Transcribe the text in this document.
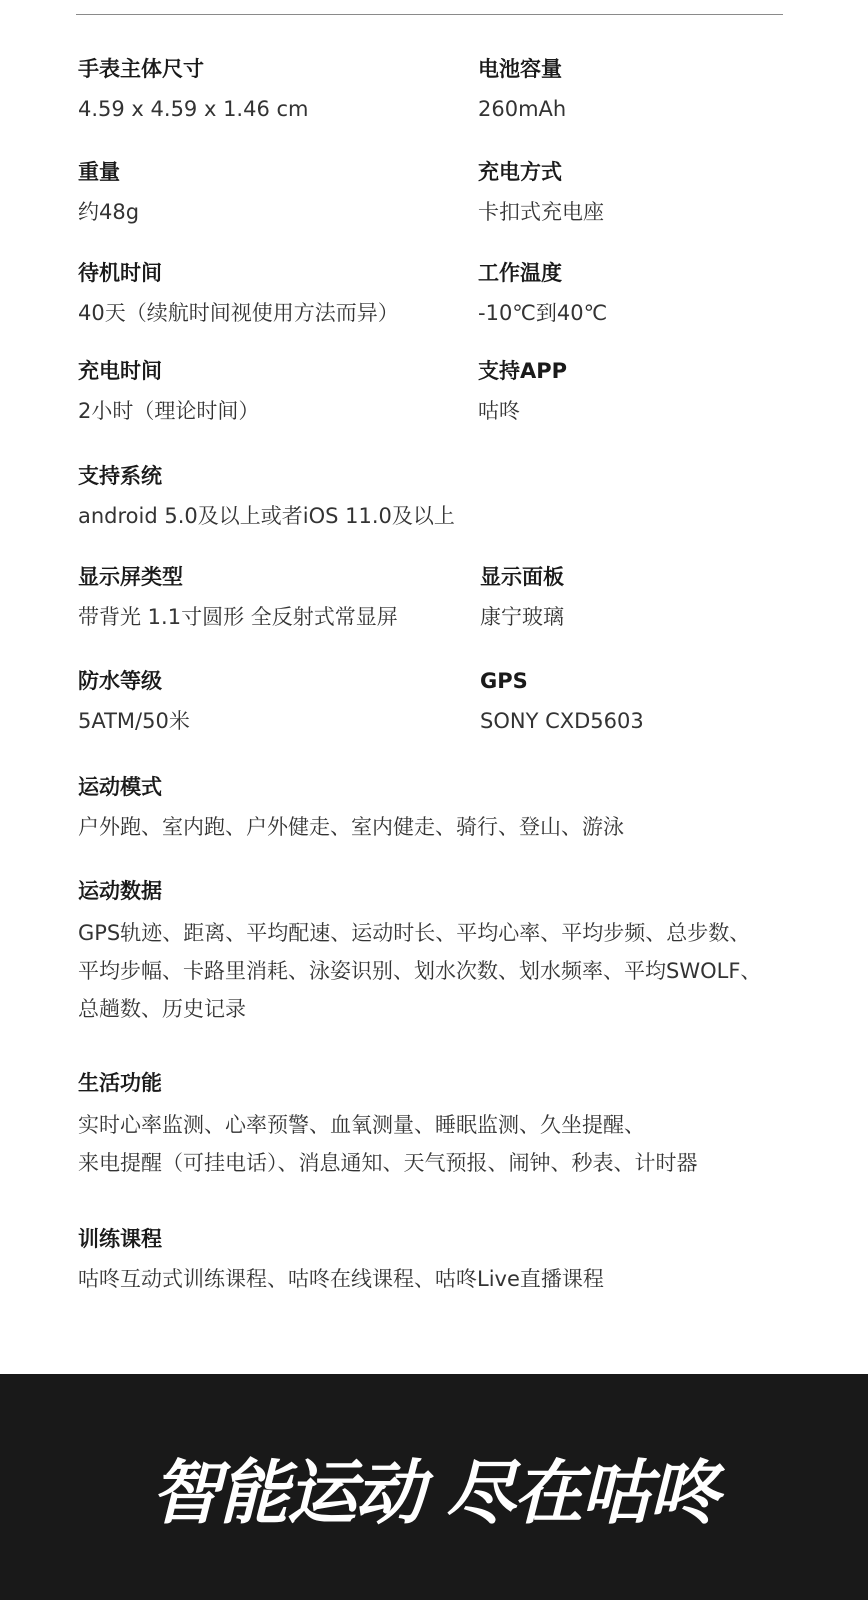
手表主体尺寸
4.59 x 4.59 x 1.46 cm
电池容量
260mAh
重量
约48g
充电方式
卡扣式充电座
待机时间
40天（续航时间视使用方法而异）
工作温度
-10℃到40℃
充电时间
2小时（理论时间）
支持APP
咕咚
支持系统
android 5.0及以上或者iOS 11.0及以上
显示屏类型
带背光 1.1寸圆形 全反射式常显屏
显示面板
康宁玻璃
防水等级
5ATM/50米
GPS
SONY CXD5603
运动模式
户外跑、室内跑、户外健走、室内健走、骑行、登山、游泳
运动数据
GPS轨迹、距离、平均配速、运动时长、平均心率、平均步频、总步数、
平均步幅、卡路里消耗、泳姿识别、划水次数、划水频率、平均SWOLF、
总趟数、历史记录
生活功能
实时心率监测、心率预警、血氧测量、睡眠监测、久坐提醒、
来电提醒（可挂电话）、消息通知、天气预报、闹钟、秒表、计时器
训练课程
咕咚互动式训练课程、咕咚在线课程、咕咚Live直播课程
智能运动 尽在咕咚
